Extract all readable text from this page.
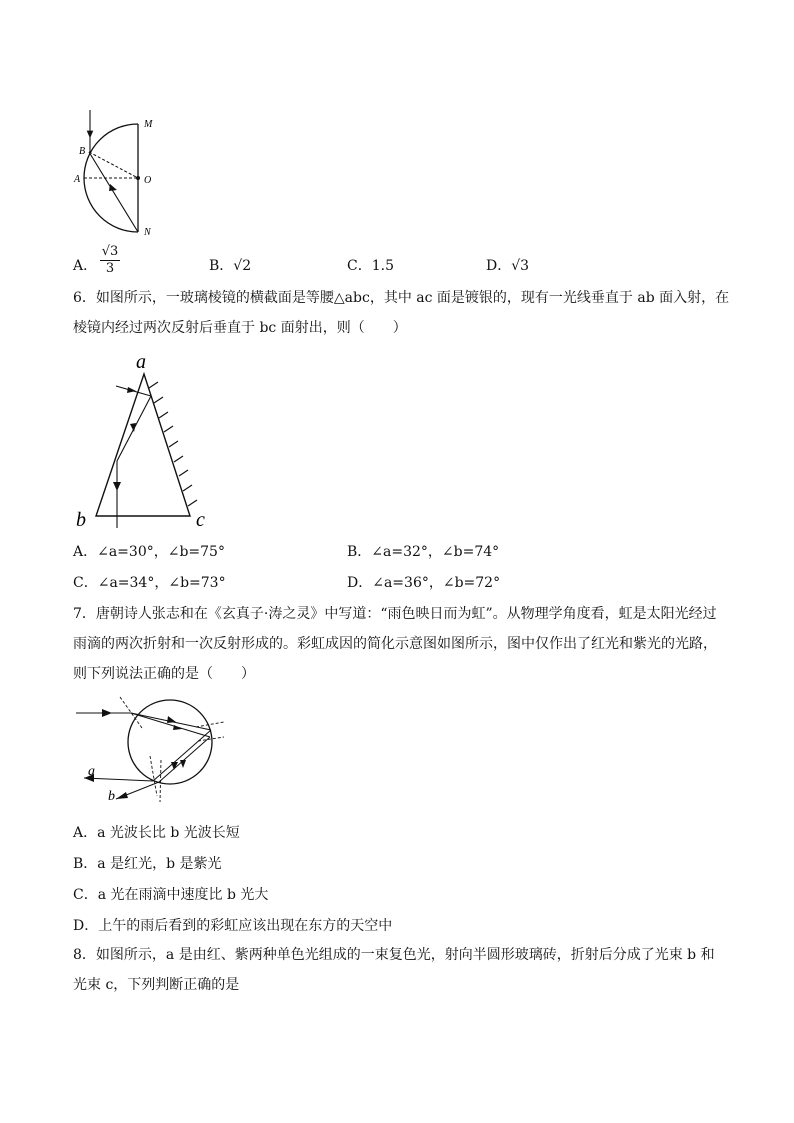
M
B
A	O
N
A． $\frac{√3}{3}$	B．√2	C．1.5	D．√3
6．如图所示，一玻璃棱镜的横截面是等腰△abc，其中 ac 面是镀银的，现有一光线垂直于 ab 面入射，在
棱镜内经过两次反射后垂直于 bc 面射出，则（　　）
a
b	c
A．∠a=30°，∠b=75°	B．∠a=32°，∠b=74°
C．∠a=34°，∠b=73°	D．∠a=36°，∠b=72°
7．唐朝诗人张志和在《玄真子·涛之灵》中写道：“雨色映日而为虹”。从物理学角度看，虹是太阳光经过
雨滴的两次折射和一次反射形成的。彩虹成因的简化示意图如图所示，图中仅作出了红光和紫光的光路，
则下列说法正确的是（　　）
a
b
A．a 光波长比 b 光波长短
B．a 是红光，b 是紫光
C．a 光在雨滴中速度比 b 光大
D．上午的雨后看到的彩虹应该出现在东方的天空中
8．如图所示，a 是由红、紫两种单色光组成的一束复色光，射向半圆形玻璃砖，折射后分成了光束 b 和
光束 c，下列判断正确的是
